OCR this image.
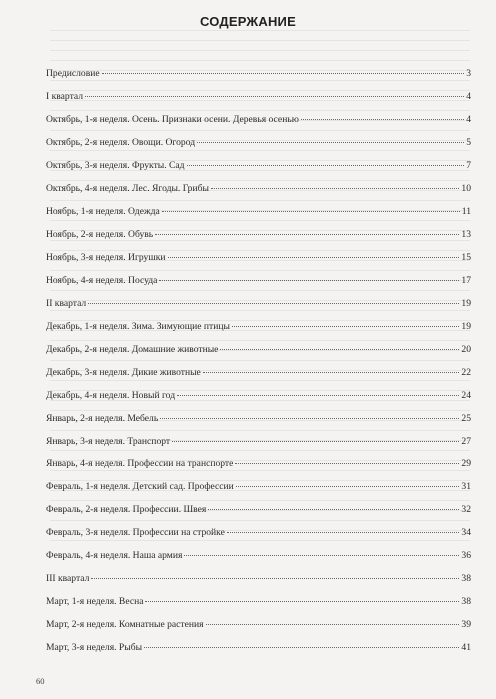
СОДЕРЖАНИЕ
Предисловие	3
I квартал	4
Октябрь, 1-я неделя. Осень. Признаки осени. Деревья осенью	4
Октябрь, 2-я неделя. Овощи. Огород	5
Октябрь, 3-я неделя. Фрукты. Сад	7
Октябрь, 4-я неделя. Лес. Ягоды. Грибы	10
Ноябрь, 1-я неделя. Одежда	11
Ноябрь, 2-я неделя. Обувь	13
Ноябрь, 3-я неделя. Игрушки	15
Ноябрь, 4-я неделя. Посуда	17
II квартал	19
Декабрь, 1-я неделя. Зима. Зимующие птицы	19
Декабрь, 2-я неделя. Домашние животные	20
Декабрь, 3-я неделя. Дикие животные	22
Декабрь, 4-я неделя. Новый год	24
Январь, 2-я неделя. Мебель	25
Январь, 3-я неделя. Транспорт	27
Январь, 4-я неделя. Профессии на транспорте	29
Февраль, 1-я неделя. Детский сад. Профессии	31
Февраль, 2-я неделя. Профессии. Швея	32
Февраль, 3-я неделя. Профессии на стройке	34
Февраль, 4-я неделя. Наша армия	36
III квартал	38
Март, 1-я неделя. Весна	38
Март, 2-я неделя. Комнатные растения	39
Март, 3-я неделя. Рыбы	41
60
